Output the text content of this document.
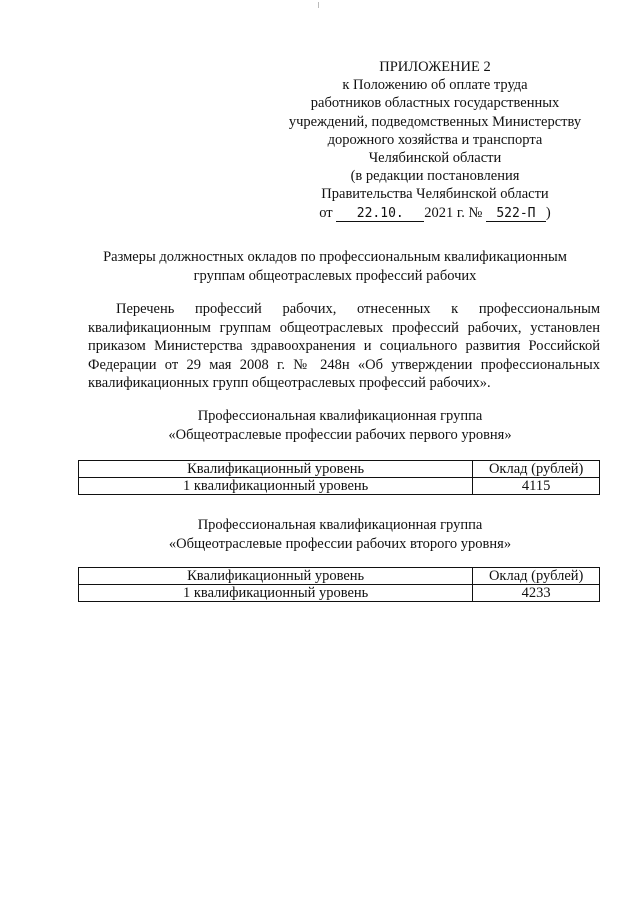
ПРИЛОЖЕНИЕ 2
к Положению об оплате труда
работников областных государственных
учреждений, подведомственных Министерству
дорожного хозяйства и транспорта
Челябинской области
(в редакции постановления
Правительства Челябинской области
от 22.10. 2021 г. № 522-П )
Размеры должностных окладов по профессиональным квалификационным
группам общеотраслевых профессий рабочих
Перечень профессий рабочих, отнесенных к профессиональным квалификационным группам общеотраслевых профессий рабочих, установлен приказом Министерства здравоохранения и социального развития Российской Федерации от 29 мая 2008 г. № 248н «Об утверждении профессиональных квалификационных групп общеотраслевых профессий рабочих».
Профессиональная квалификационная группа
«Общеотраслевые профессии рабочих первого уровня»
Квалификационный уровень	Оклад (рублей)
1 квалификационный уровень	4115
Профессиональная квалификационная группа
«Общеотраслевые профессии рабочих второго уровня»
Квалификационный уровень	Оклад (рублей)
1 квалификационный уровень	4233
